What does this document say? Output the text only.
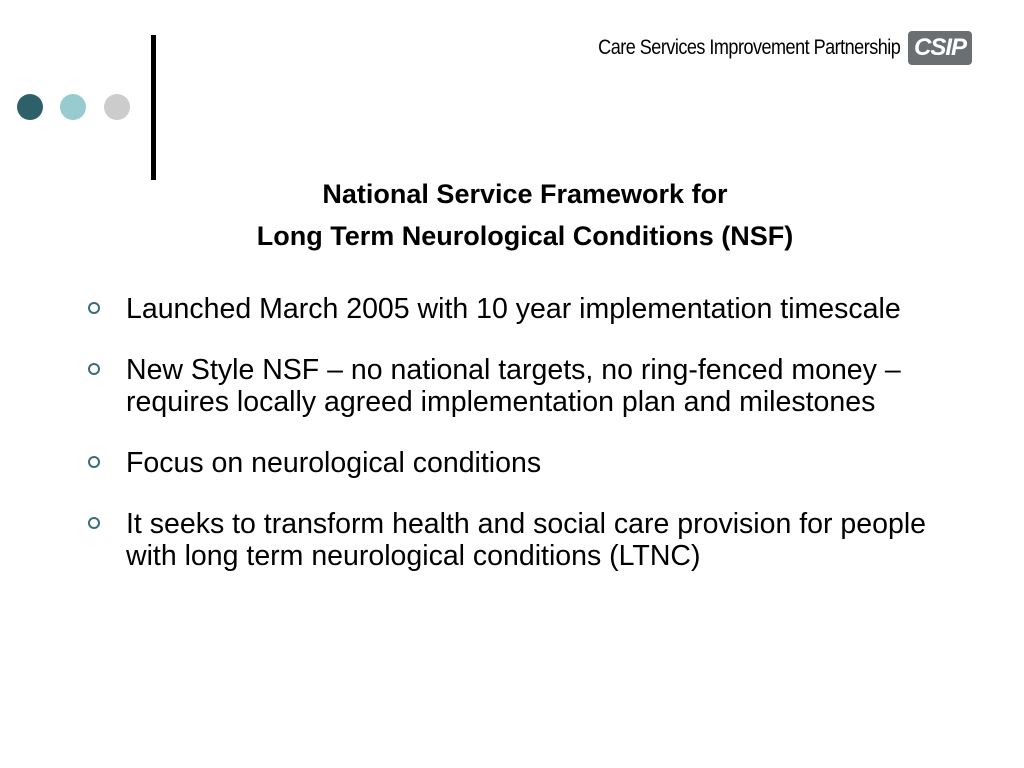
Care Services Improvement Partnership CSIP
National Service Framework for
Long Term Neurological Conditions (NSF)
Launched March 2005 with 10 year implementation timescale
New Style NSF – no national targets, no ring-fenced money – requires locally agreed implementation plan and milestones
Focus on neurological conditions
It seeks to transform health and social care provision for people with long term neurological conditions (LTNC)
